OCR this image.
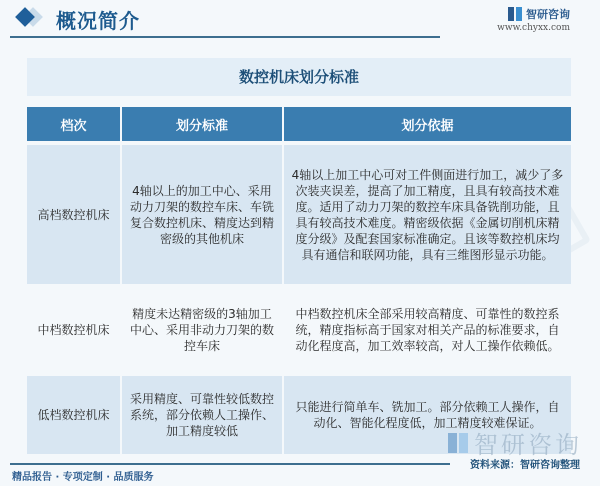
概况简介	智研咨询
www.chyxx.com
数控机床划分标准
档次	划分标准	划分依据
高档数控机床	4轴以上的加工中心、采用动力刀架的数控车床、车铣复合数控机床、精度达到精密级的其他机床	4轴以上加工中心可对工件侧面进行加工，减少了多次装夹误差，提高了加工精度，且具有较高技术难度。适用了动力刀架的数控车床具备铣削功能，且具有较高技术难度。精密级依据《金属切削机床精度分级》及配套国家标准确定。且该等数控机床均具有通信和联网功能，具有三维图形显示功能。
中档数控机床	精度未达精密级的3轴加工中心、采用非动力刀架的数控车床	中档数控机床全部采用较高精度、可靠性的数控系统，精度指标高于国家对相关产品的标准要求，自动化程度高，加工效率较高，对人工操作依赖低。
低档数控机床	采用精度、可靠性较低数控系统，部分依赖人工操作、加工精度较低	只能进行简单车、铣加工。部分依赖工人操作，自动化、智能化程度低，加工精度较难保证。
智研咨询
精品报告 · 专项定制 · 品质服务
资料来源：智研咨询整理
